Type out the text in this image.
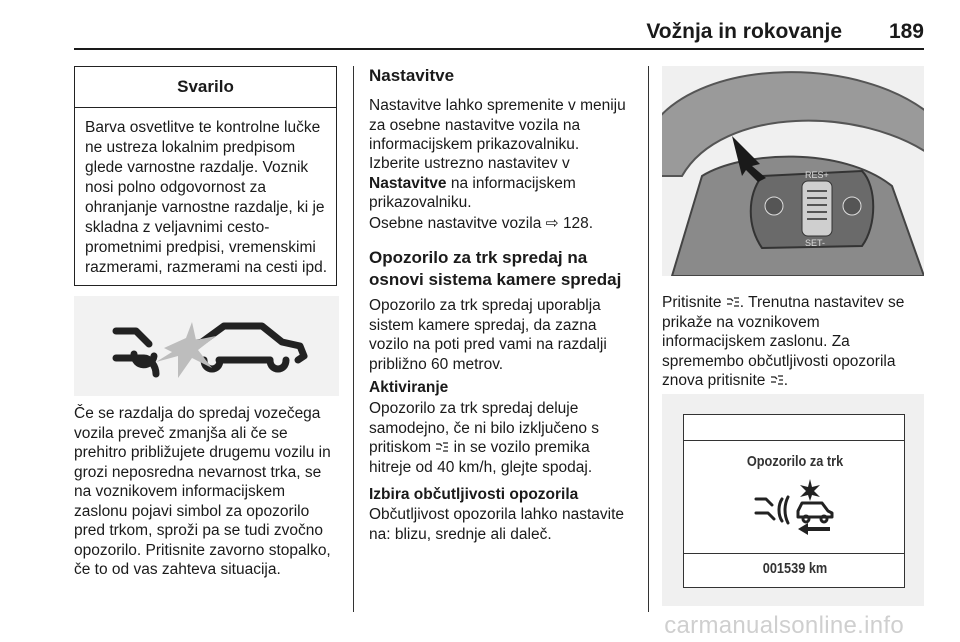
Vožnja in rokovanje 189
Svarilo
Barva osvetlitve te kontrolne lučke ne ustreza lokalnim predpisom glede varnostne razdalje. Voznik nosi polno odgovornost za ohranjanje varnostne razdalje, ki je skladna z veljavnimi cesto-prometnimi predpisi, vremenskimi razmerami, razmerami na cesti ipd.
Če se razdalja do spredaj vozečega vozila preveč zmanjša ali če se prehitro približujete drugemu vozilu in grozi neposredna nevarnost trka, se na voznikovem informacijskem zaslonu pojavi simbol za opozorilo pred trkom, sproži pa se tudi zvočno opozorilo. Pritisnite zavorno stopalko, če to od vas zahteva situacija.
Nastavitve
Nastavitve lahko spremenite v meniju za osebne nastavitve vozila na informacijskem prikazovalniku.
Izberite ustrezno nastavitev v Nastavitve na informacijskem prikazovalniku.
Osebne nastavitve vozila ⇨ 128.
Opozorilo za trk spredaj na osnovi sistema kamere spredaj
Opozorilo za trk spredaj uporablja sistem kamere spredaj, da zazna vozilo na poti pred vami na razdalji približno 60 metrov.
Aktiviranje
Opozorilo za trk spredaj deluje samodejno, če ni bilo izključeno s pritiskom  in se vozilo premika hitreje od 40 km/h, glejte spodaj.
Izbira občutljivosti opozorila
Občutljivost opozorila lahko nastavite na: blizu, srednje ali daleč.
RES+
SET-
Pritisnite . Trenutna nastavitev se prikaže na voznikovem informacijskem zaslonu. Za spremembo občutljivosti opozorila znova pritisnite .
Opozorilo za trk
001539 km
carmanualsonline.info
